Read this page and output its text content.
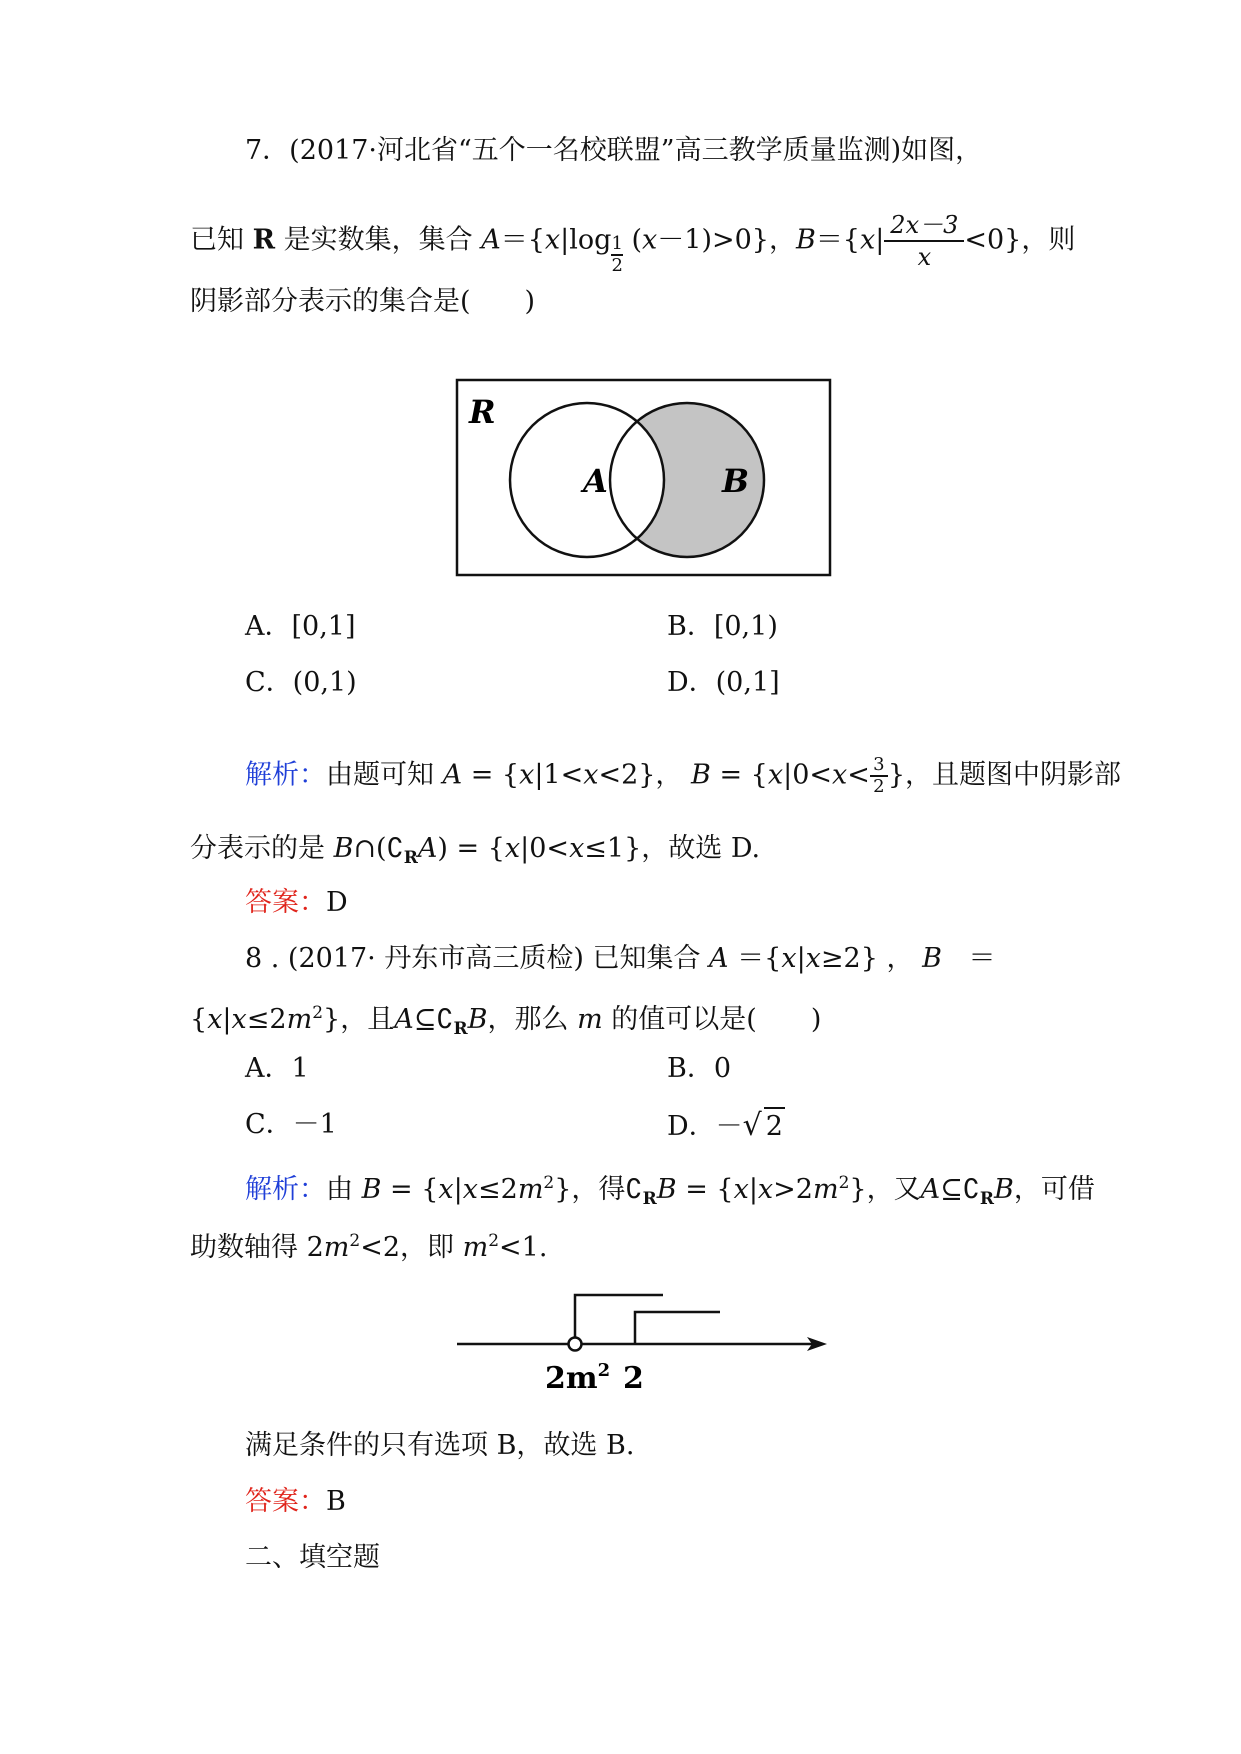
7．(2017·河北省“五个一名校联盟”高三教学质量监测)如图，
已知 R 是实数集，集合 $A=\{x|\log \frac{1}{2} (x-1)>0\}$，$B=\{x| \frac{2x-3}{x} <0\}$，则
阴影部分表示的集合是(　　)
R
A	B
A．[0,1]	B．[0,1)
C．(0,1)	D．(0,1]
解析：由题可知 A = {x|1<x<2}， $B = \{x|0<x< \frac{3}{2}$ }，且题图中阴影部
分表示的是 $B\cap(∁_RA) = \{x|0<x\le 1\}$，故选 D.
答案：D
8 . (2017· 丹东市高三质检) 已知集合 A ＝{x|x≥2} ， B ＝
$\{x|x\le 2m^2\}$，且$A⊆∁_RB$，那么 m 的值可以是(　　)
A．1	B．0
C．－1	D．－√ 2
解析：由 $B = \{x|x\le 2m^2\}$，得$∁_RB = \{x|x>2m^2\}$，又$A⊆∁_RB$，可借
助数轴得 $2m^2<2$，即 $m^2<1$.
$2m^2$ 2
满足条件的只有选项 B，故选 B.
答案：B
二、填空题
